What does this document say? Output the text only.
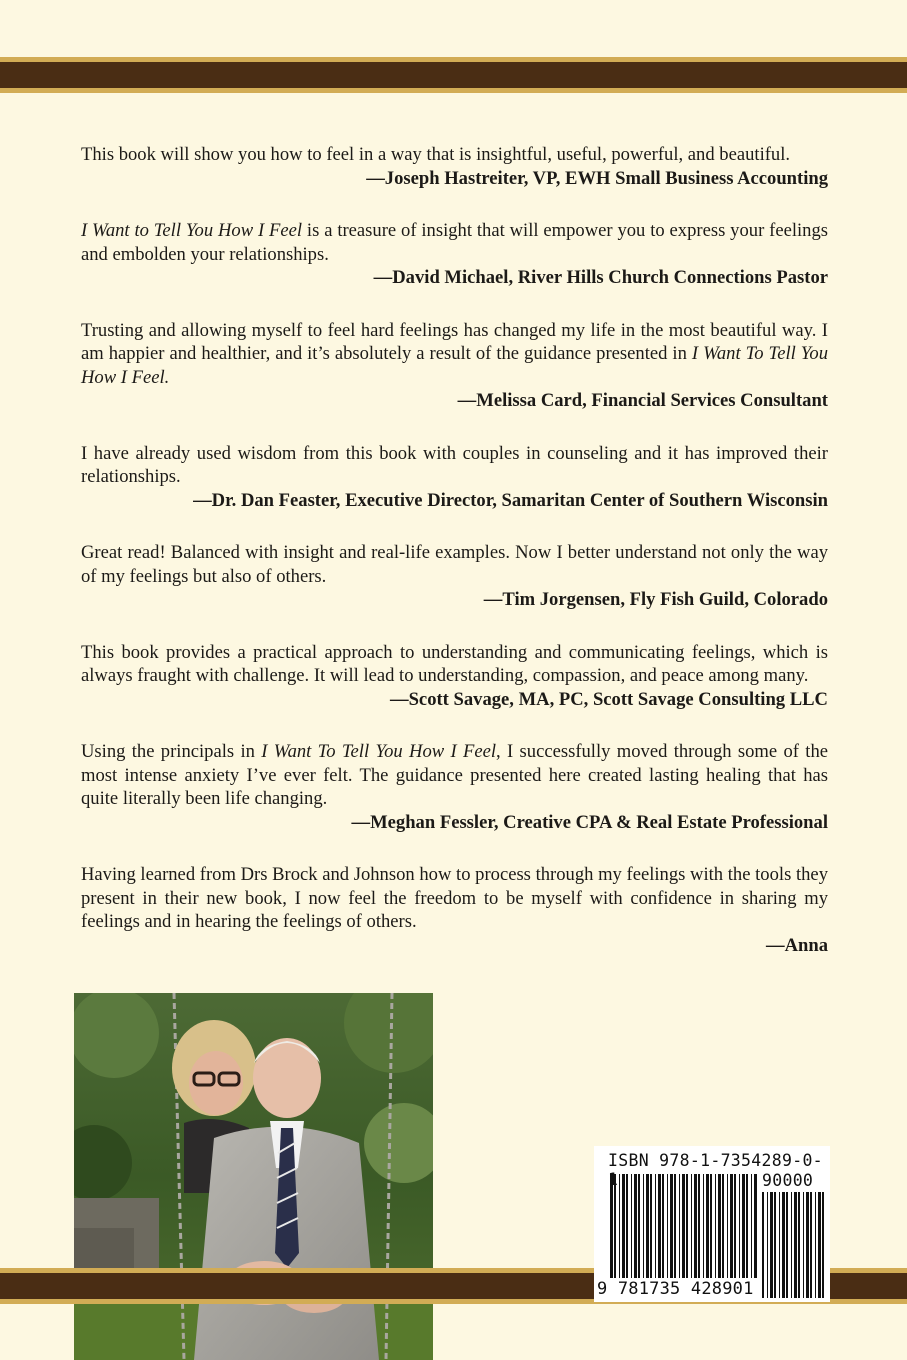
This book will show you how to feel in a way that is insightful, useful, powerful, and beautiful.

—Joseph Hastreiter, VP, EWH Small Business Accounting

I Want to Tell You How I Feel is a treasure of insight that will empower you to express your feelings and embolden your relationships.

—David Michael, River Hills Church Connections Pastor

Trusting and allowing myself to feel hard feelings has changed my life in the most beautiful way. I am happier and healthier, and it’s absolutely a result of the guidance presented in I Want To Tell You How I Feel.

—Melissa Card, Financial Services Consultant

I have already used wisdom from this book with couples in counseling and it has improved their relationships.

—Dr. Dan Feaster, Executive Director, Samaritan Center of Southern Wisconsin

Great read! Balanced with insight and real-life examples. Now I better understand not only the way of my feelings but also of others.

—Tim Jorgensen, Fly Fish Guild, Colorado

This book provides a practical approach to understanding and communicating feelings, which is always fraught with challenge. It will lead to understanding, compassion, and peace among many.

—Scott Savage, MA, PC, Scott Savage Consulting LLC

Using the principals in I Want To Tell You How I Feel, I successfully moved through some of the most intense anxiety I’ve ever felt. The guidance presented here created lasting healing that has quite literally been life changing.

—Meghan Fessler, Creative CPA & Real Estate Professional

Having learned from Drs Brock and Johnson how to process through my feelings with the tools they present in their new book, I now feel the freedom to be myself with confidence in sharing my feelings and in hearing the feelings of others.

—Anna

ISBN 978-1-7354289-0-1	90000
9 781735 428901
